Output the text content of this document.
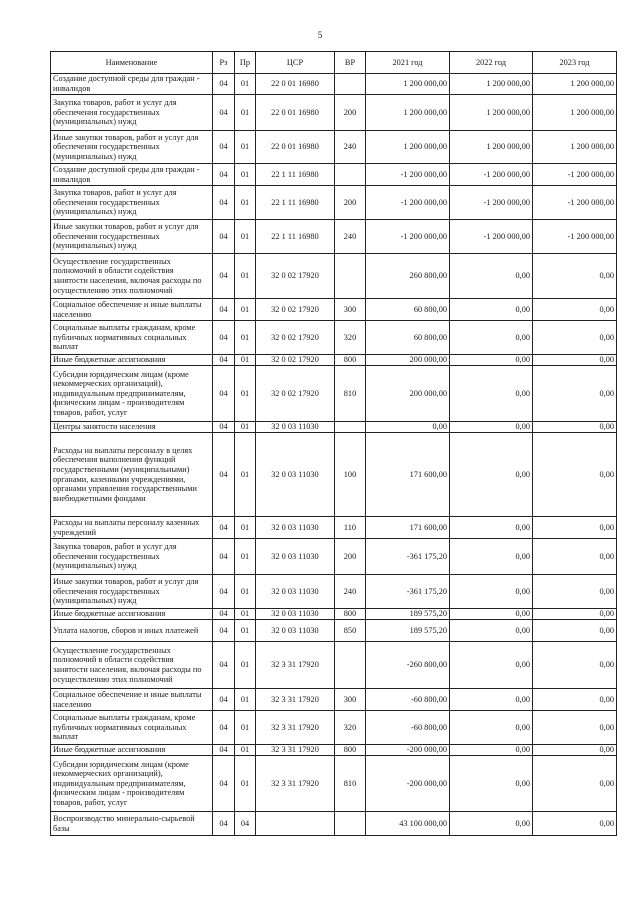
5
Наименование	Рз	Пр	ЦСР	ВР	2021 год	2022 год	2023 год
Создание доступной среды для граждан - инвалидов	04	01	22 0 01 16980		1 200 000,00	1 200 000,00	1 200 000,00
Закупка товаров, работ и услуг для обеспечения государственных (муниципальных) нужд	04	01	22 0 01 16980	200	1 200 000,00	1 200 000,00	1 200 000,00
Иные закупки товаров, работ и услуг для обеспечения государственных (муниципальных) нужд	04	01	22 0 01 16980	240	1 200 000,00	1 200 000,00	1 200 000,00
Создание доступной среды для граждан - инвалидов	04	01	22 1 11 16980		-1 200 000,00	-1 200 000,00	-1 200 000,00
Закупка товаров, работ и услуг для обеспечения государственных (муниципальных) нужд	04	01	22 1 11 16980	200	-1 200 000,00	-1 200 000,00	-1 200 000,00
Иные закупки товаров, работ и услуг для обеспечения государственных (муниципальных) нужд	04	01	22 1 11 16980	240	-1 200 000,00	-1 200 000,00	-1 200 000,00
Осуществление государственных полномочий в области содействия занятости населения, включая расходы по осуществлению этих полномочий	04	01	32 0 02 17920		260 800,00	0,00	0,00
Социальное обеспечение и иные выплаты населению	04	01	32 0 02 17920	300	60 800,00	0,00	0,00
Социальные выплаты гражданам, кроме публичных нормативных социальных выплат	04	01	32 0 02 17920	320	60 800,00	0,00	0,00
Иные бюджетные ассигнования	04	01	32 0 02 17920	800	200 000,00	0,00	0,00
Субсидии юридическим лицам (кроме некоммерческих организаций), индивидуальным предпринимателям, физическим лицам - производителям товаров, работ, услуг	04	01	32 0 02 17920	810	200 000,00	0,00	0,00
Центры занятости населения	04	01	32 0 03 11030		0,00	0,00	0,00
Расходы на выплаты персоналу в целях обеспечения выполнения функций государственными (муниципальными) органами, казенными учреждениями, органами управления государственными внебюджетными фондами	04	01	32 0 03 11030	100	171 600,00	0,00	0,00
Расходы на выплаты персоналу казенных учреждений	04	01	32 0 03 11030	110	171 600,00	0,00	0,00
Закупка товаров, работ и услуг для обеспечения государственных (муниципальных) нужд	04	01	32 0 03 11030	200	-361 175,20	0,00	0,00
Иные закупки товаров, работ и услуг для обеспечения государственных (муниципальных) нужд	04	01	32 0 03 11030	240	-361 175,20	0,00	0,00
Иные бюджетные ассигнования	04	01	32 0 03 11030	800	189 575,20	0,00	0,00
Уплата налогов, сборов и иных платежей	04	01	32 0 03 11030	850	189 575,20	0,00	0,00
Осуществление государственных полномочий в области содействия занятости населения, включая расходы по осуществлению этих полномочий	04	01	32 3 31 17920		-260 800,00	0,00	0,00
Социальное обеспечение и иные выплаты населению	04	01	32 3 31 17920	300	-60 800,00	0,00	0,00
Социальные выплаты гражданам, кроме публичных нормативных социальных выплат	04	01	32 3 31 17920	320	-60 800,00	0,00	0,00
Иные бюджетные ассигнования	04	01	32 3 31 17920	800	-200 000,00	0,00	0,00
Субсидии юридическим лицам (кроме некоммерческих организаций), индивидуальным предпринимателям, физическим лицам - производителям товаров, работ, услуг	04	01	32 3 31 17920	810	-200 000,00	0,00	0,00
Воспроизводство минерально-сырьевой базы	04	04			43 100 000,00	0,00	0,00
